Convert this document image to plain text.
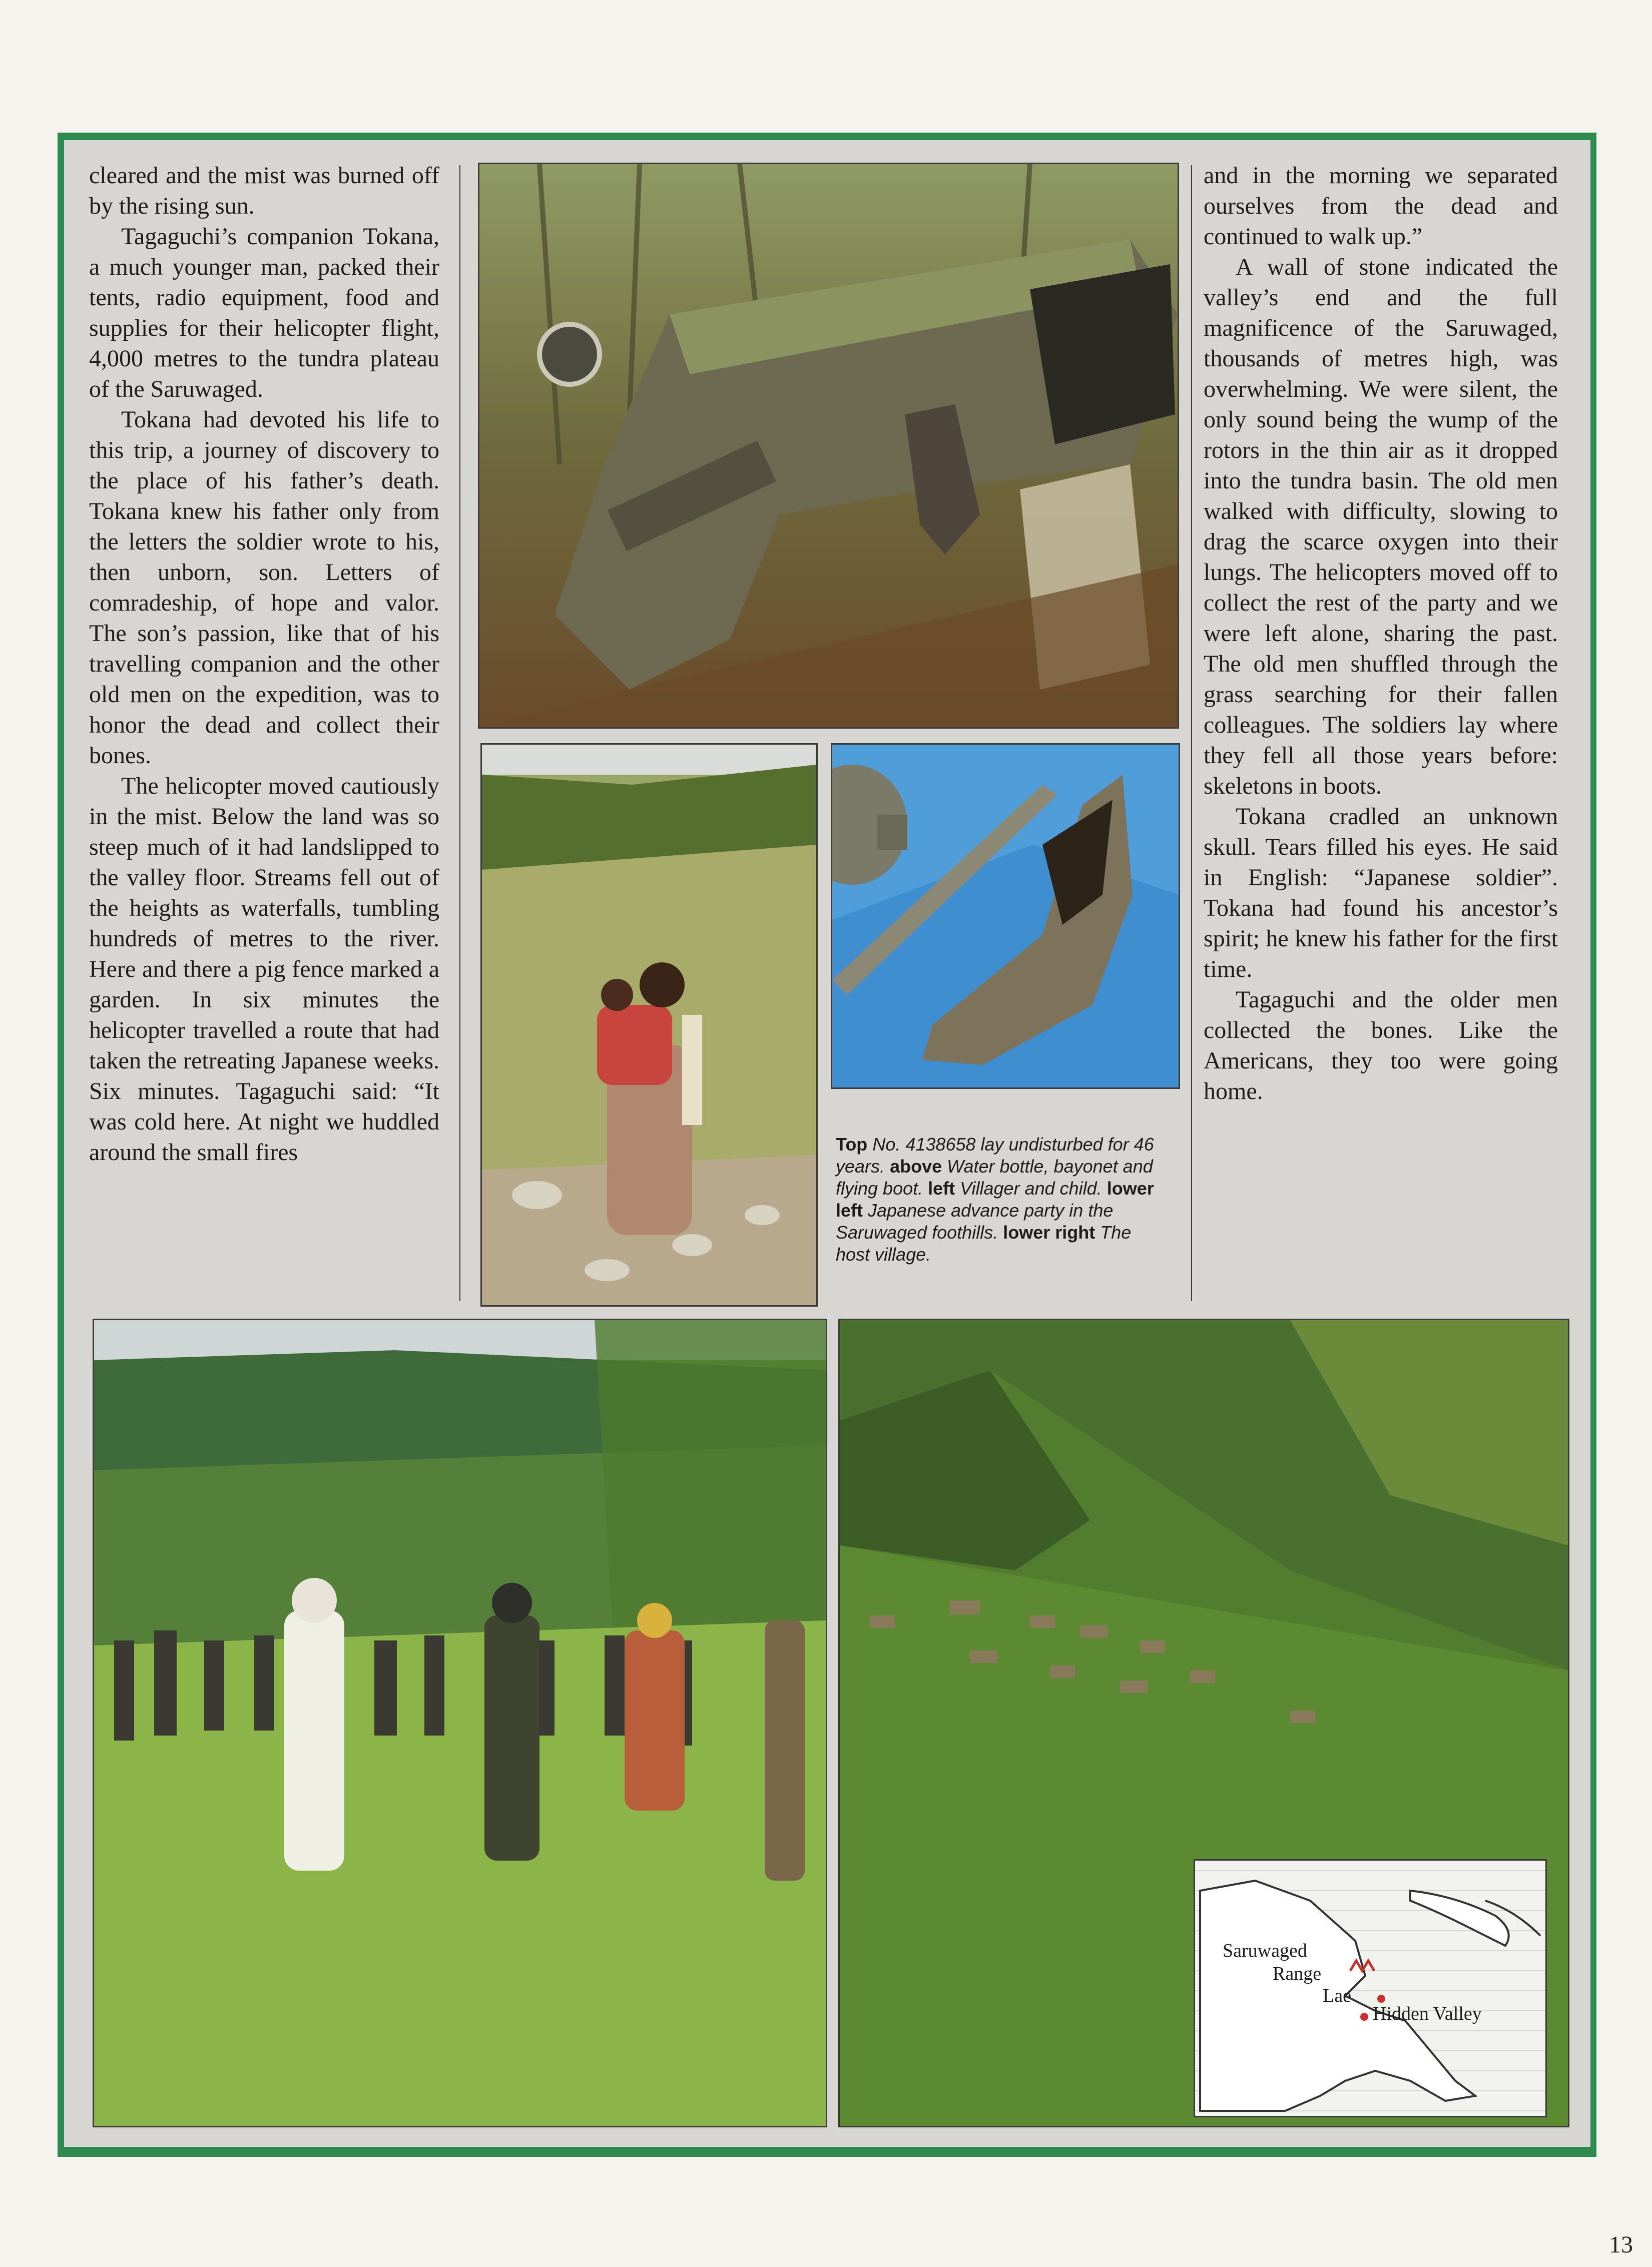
cleared and the mist was burned off by the rising sun.

Tagaguchi’s companion Tokana, a much younger man, packed their tents, radio equipment, food and supplies for their helicopter flight, 4,000 metres to the tundra plateau of the Saruwaged.

Tokana had devoted his life to this trip, a journey of discovery to the place of his father’s death. Tokana knew his father only from the letters the soldier wrote to his, then unborn, son. Letters of comradeship, of hope and valor. The son’s passion, like that of his travelling companion and the other old men on the expedition, was to honor the dead and collect their bones.

The helicopter moved cautiously in the mist. Below the land was so steep much of it had landslipped to the valley floor. Streams fell out of the heights as waterfalls, tumbling hundreds of metres to the river. Here and there a pig fence marked a garden. In six minutes the helicopter travelled a route that had taken the retreating Japanese weeks. Six minutes. Tagaguchi said: “It was cold here. At night we huddled around the small fires	Top No. 4138658 lay undisturbed for 46 years. above Water bottle, bayonet and flying boot. left Villager and child. lower left Japanese advance party in the Saruwaged foothills. lower right The host village.

and in the morning we separated ourselves from the dead and continued to walk up.”

A wall of stone indicated the valley’s end and the full magnificence of the Saruwaged, thousands of metres high, was overwhelming. We were silent, the only sound being the wump of the rotors in the thin air as it dropped into the tundra basin. The old men walked with difficulty, slowing to drag the scarce oxygen into their lungs. The helicopters moved off to collect the rest of the party and we were left alone, sharing the past. The old men shuffled through the grass searching for their fallen colleagues. The soldiers lay where they fell all those years before: skeletons in boots.

Tokana cradled an unknown skull. Tears filled his eyes. He said in English: “Japanese soldier”. Tokana had found his ancestor’s spirit; he knew his father for the first time.

Tagaguchi and the older men collected the bones. Like the Americans, they too were going home.

Saruwaged
Range
Lae
Hidden Valley
13
